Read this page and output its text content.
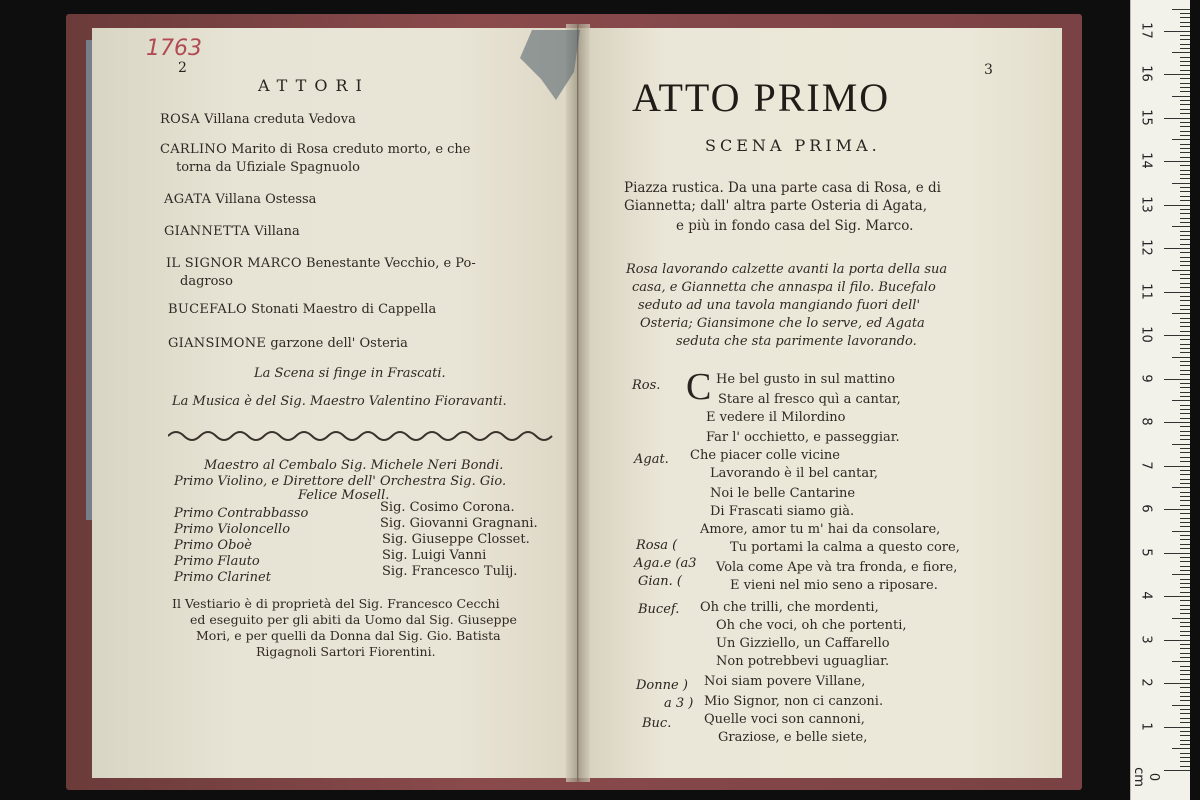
1763
2
ATTORI
ROSA Villana creduta Vedova
CARLINO Marito di Rosa creduto morto, e che
torna da Ufiziale Spagnuolo
AGATA Villana Ostessa
GIANNETTA Villana
IL SIGNOR MARCO Benestante Vecchio, e Po-
dagroso
BUCEFALO Stonati Maestro di Cappella
GIANSIMONE garzone dell' Osteria
La Scena si finge in Frascati.
La Musica è del Sig. Maestro Valentino Fioravanti.
Maestro al Cembalo Sig. Michele Neri Bondi.
Primo Violino, e Direttore dell' Orchestra Sig. Gio.
Felice Mosell.
Primo Contrabbasso	Sig. Cosimo Corona.
Primo Violoncello	Sig. Giovanni Gragnani.
Primo Oboè	Sig. Giuseppe Closset.
Primo Flauto	Sig. Luigi Vanni
Primo Clarinet	Sig. Francesco Tulij.
Il Vestiario è di proprietà del Sig. Francesco Cecchi
ed eseguito per gli abiti da Uomo dal Sig. Giuseppe
Mori, e per quelli da Donna dal Sig. Gio. Batista
Rigagnoli Sartori Fiorentini.
3
ATTO PRIMO
SCENA PRIMA.
Piazza rustica. Da una parte casa di Rosa, e di
Giannetta; dall' altra parte Osteria di Agata,
e più in fondo casa del Sig. Marco.
Rosa lavorando calzette avanti la porta della sua
casa, e Giannetta che annaspa il filo. Bucefalo
seduto ad una tavola mangiando fuori dell'
Osteria; Giansimone che lo serve, ed Agata
seduta che sta parimente lavorando.
Ros. C He bel gusto in sul mattino
Stare al fresco quì a cantar,
E vedere il Milordino
Far l' occhietto, e passeggiar.
Agat. Che piacer colle vicine
Lavorando è il bel cantar,
Noi le belle Cantarine
Di Frascati siamo già.
Rosa (
Aga.e (a3
Gian. (
Amore, amor tu m' hai da consolare,
Tu portami la calma a questo core,
Vola come Ape và tra fronda, e fiore,
E vieni nel mio seno a riposare.
Bucef. Oh che trilli, che mordenti,
Oh che voci, oh che portenti,
Un Gizziello, un Caffarello
Non potrebbevi uguagliar.
Donne )
a 3 )
Noi siam povere Villane,
Mio Signor, non ci canzoni.
Buc.	Quelle voci son cannoni,
Graziose, e belle siete,
0 cm
1
2
3
4
5
6
7
8
9
10
11
12
13
14
15
16
17
